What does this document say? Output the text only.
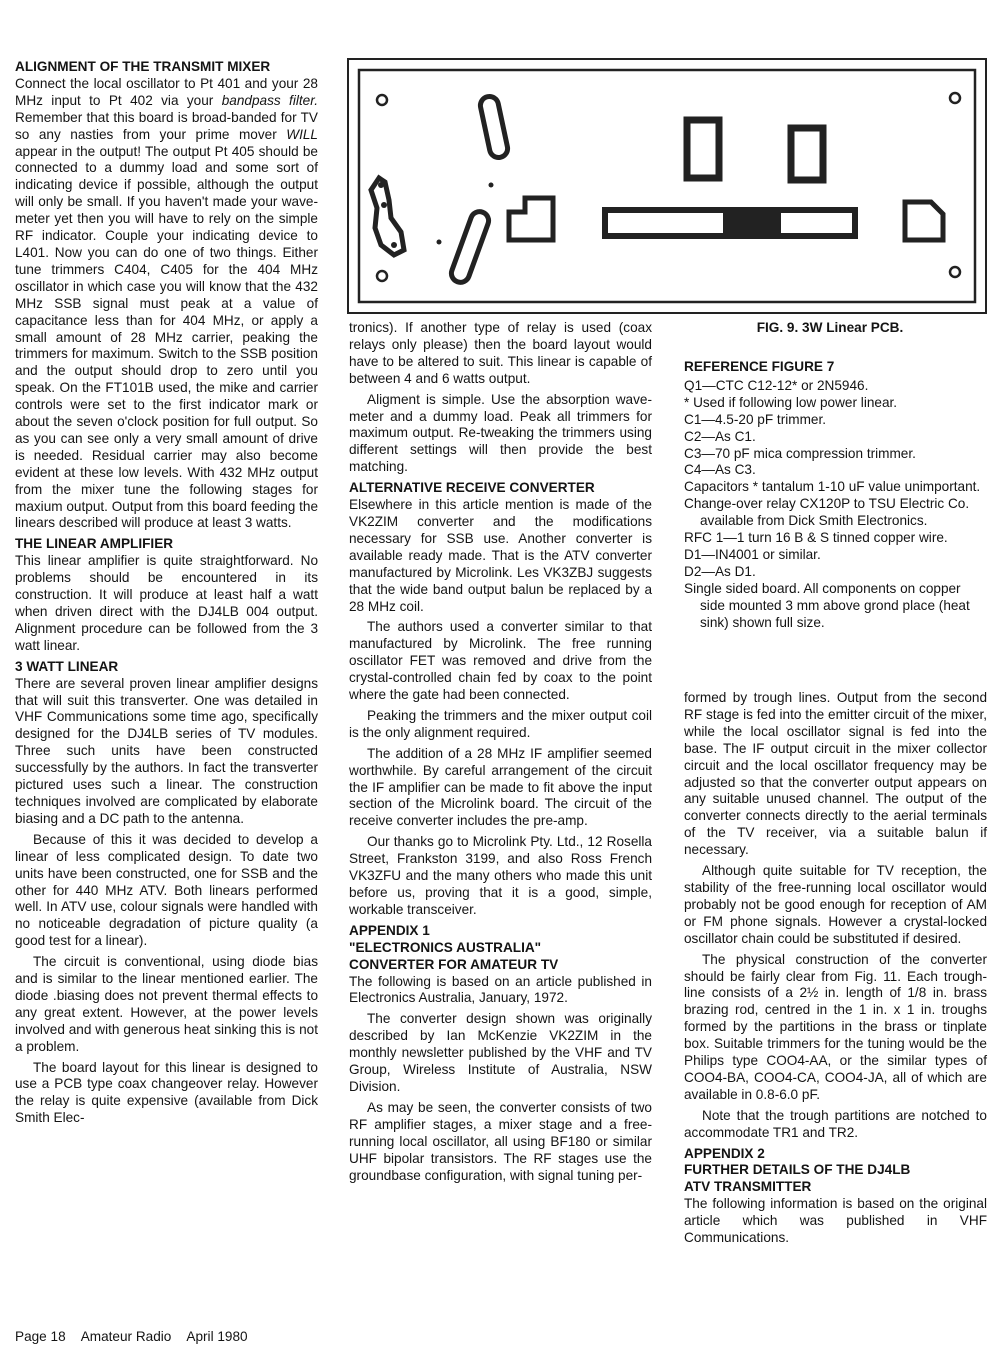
ALIGNMENT OF THE TRANSMIT MIXER

Connect the local oscillator to Pt 401 and your 28 MHz input to Pt 402 via your bandpass filter. Remember that this board is broad-banded for TV so any nasties from your prime mover WILL appear in the output! The output Pt 405 should be connected to a dummy load and some sort of indicating device if possible, although the output will only be small. If you haven't made your wave-meter yet then you will have to rely on the simple RF indicator. Couple your indicating device to L401. Now you can do one of two things. Either tune trimmers C404, C405 for the 404 MHz oscillator in which case you will know that the 432 MHz SSB signal must peak at a value of capacitance less than for 404 MHz, or apply a small amount of 28 MHz carrier, peaking the trimmers for maximum. Switch to the SSB position and the output should drop to zero until you speak. On the FT101B used, the mike and carrier controls were set to the first indicator mark or about the seven o'clock position for full output. So as you can see only a very small amount of drive is needed. Residual carrier may also become evident at these low levels. With 432 MHz output from the mixer tune the following stages for maxium output. Output from this board feeding the linears described will produce at least 3 watts.

THE LINEAR AMPLIFIER

This linear amplifier is quite straightforward. No problems should be encountered in its construction. It will produce at least half a watt when driven direct with the DJ4LB 004 output. Alignment procedure can be followed from the 3 watt linear.

3 WATT LINEAR

There are several proven linear amplifier designs that will suit this transverter. One was detailed in VHF Communications some time ago, specifically designed for the DJ4LB series of TV modules. Three such units have been constructed successfully by the authors. In fact the transverter pictured uses such a linear. The construction techniques involved are complicated by elaborate biasing and a DC path to the antenna.

Because of this it was decided to develop a linear of less complicated design. To date two units have been constructed, one for SSB and the other for 440 MHz ATV. Both linears performed well. In ATV use, colour signals were handled with no noticeable degradation of picture quality (a good test for a linear).

The circuit is conventional, using diode bias and is similar to the linear mentioned earlier. The diode .biasing does not prevent thermal effects to any great extent. However, at the power levels involved and with generous heat sinking this is not a problem.

The board layout for this linear is designed to use a PCB type coax changeover relay. However the relay is quite expensive (available from Dick Smith Elec-

FIG. 9. 3W Linear PCB.

tronics). If another type of relay is used (coax relays only please) then the board layout would have to be altered to suit. This linear is capable of between 4 and 6 watts output.

Aligment is simple. Use the absorption wave-meter and a dummy load. Peak all trimmers for maximum output. Re-tweaking the trimmers using different settings will then provide the best matching.

ALTERNATIVE RECEIVE CONVERTER

Elsewhere in this article mention is made of the VK2ZIM converter and the modifications necessary for SSB use. Another converter is available ready made. That is the ATV converter manufactured by Microlink. Les VK3ZBJ suggests that the wide band output balun be replaced by a 28 MHz coil.

The authors used a converter similar to that manufactured by Microlink. The free running oscillator FET was removed and drive from the crystal-controlled chain fed by coax to the point where the gate had been connected.

Peaking the trimmers and the mixer output coil is the only alignment required.

The addition of a 28 MHz IF amplifier seemed worthwhile. By careful arrangement of the circuit the IF amplifier can be made to fit above the input section of the Microlink board. The circuit of the receive converter includes the pre-amp.

Our thanks go to Microlink Pty. Ltd., 12 Rosella Street, Frankston 3199, and also Ross French VK3ZFU and the many others who made this unit before us, proving that it is a good, simple, workable transceiver.

APPENDIX 1
"ELECTRONICS AUSTRALIA"
CONVERTER FOR AMATEUR TV

The following is based on an article published in Electronics Australia, January, 1972.

The converter design shown was originally described by Ian McKenzie VK2ZIM in the monthly newsletter published by the VHF and TV Group, Wireless Institute of Australia, NSW Division.

As may be seen, the converter consists of two RF amplifier stages, a mixer stage and a free-running local oscillator, all using BF180 or similar UHF bipolar transistors. The RF stages use the groundbase configuration, with signal tuning per-

REFERENCE FIGURE 7

Q1—CTC C12-12* or 2N5946.

* Used if following low power linear.

C1—4.5-20 pF trimmer.

C2—As C1.

C3—70 pF mica compression trimmer.

C4—As C3.

Capacitors * tantalum 1-10 uF value unimportant.

Change-over relay CX120P to TSU Electric Co. available from Dick Smith Electronics.

RFC 1—1 turn 16 B & S tinned copper wire.

D1—IN4001 or similar.

D2—As D1.

Single sided board. All components on copper side mounted 3 mm above grond place (heat sink) shown full size.

formed by trough lines. Output from the second RF stage is fed into the emitter circuit of the mixer, while the local oscillator signal is fed into the base. The IF output circuit in the mixer collector circuit and the local oscillator frequency may be adjusted so that the converter output appears on any suitable unused channel. The output of the converter connects directly to the aerial terminals of the TV receiver, via a suitable balun if necessary.

Although quite suitable for TV reception, the stability of the free-running local oscillator would probably not be good enough for reception of AM or FM phone signals. However a crystal-locked oscillator chain could be substituted if desired.

The physical construction of the converter should be fairly clear from Fig. 11. Each trough-line consists of a 2½ in. length of 1/8 in. brass brazing rod, centred in the 1 in. x 1 in. troughs formed by the partitions in the brass or tinplate box. Suitable trimmers for the tuning would be the Philips type COO4-AA, or the similar types of COO4-BA, COO4-CA, COO4-JA, all of which are available in 0.8-6.0 pF.

Note that the trough partitions are notched to accommodate TR1 and TR2.

APPENDIX 2
FURTHER DETAILS OF THE DJ4LB
ATV TRANSMITTER

The following information is based on the original article which was published in VHF Communications.

Page 18 Amateur Radio April 1980
